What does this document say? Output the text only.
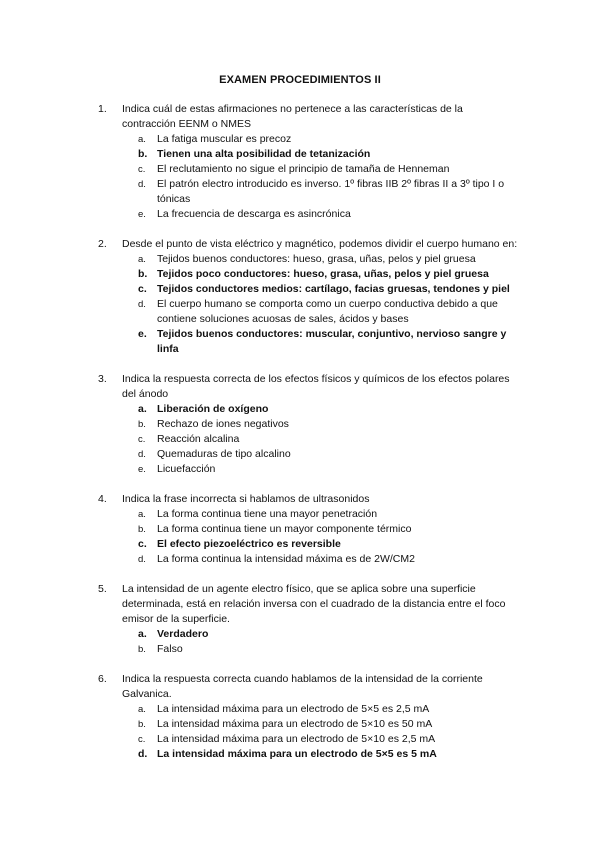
EXAMEN PROCEDIMIENTOS II
1. Indica cuál de estas afirmaciones no pertenece a las características de la contracción EENM o NMES
a. La fatiga muscular es precoz
b. Tienen una alta posibilidad de tetanización
c. El reclutamiento no sigue el principio de tamaña de Henneman
d. El patrón electro introducido es inverso. 1º fibras IIB 2º fibras II a 3º tipo I o tónicas
e. La frecuencia de descarga es asincrónica
2. Desde el punto de vista eléctrico y magnético, podemos dividir el cuerpo humano en:
a. Tejidos buenos conductores: hueso, grasa, uñas, pelos y piel gruesa
b. Tejidos poco conductores: hueso, grasa, uñas, pelos y piel gruesa
c. Tejidos conductores medios: cartílago, facias gruesas, tendones y piel
d. El cuerpo humano se comporta como un cuerpo conductiva debido a que contiene soluciones acuosas de sales, ácidos y bases
e. Tejidos buenos conductores: muscular, conjuntivo, nervioso sangre y linfa
3. Indica la respuesta correcta de los efectos físicos y químicos de los efectos polares del ánodo
a. Liberación de oxígeno
b. Rechazo de iones negativos
c. Reacción alcalina
d. Quemaduras de tipo alcalino
e. Licuefacción
4. Indica la frase incorrecta si hablamos de ultrasonidos
a. La forma continua tiene una mayor penetración
b. La forma continua tiene un mayor componente térmico
c. El efecto piezoeléctrico es reversible
d. La forma continua la intensidad máxima es de 2W/CM2
5. La intensidad de un agente electro físico, que se aplica sobre una superficie determinada, está en relación inversa con el cuadrado de la distancia entre el foco emisor de la superficie.
a. Verdadero
b. Falso
6. Indica la respuesta correcta cuando hablamos de la intensidad de la corriente Galvanica.
a. La intensidad máxima para un electrodo de 5×5 es 2,5 mA
b. La intensidad máxima para un electrodo de 5×10 es 50 mA
c. La intensidad máxima para un electrodo de 5×10 es 2,5 mA
d. La intensidad máxima para un electrodo de 5×5 es 5 mA
